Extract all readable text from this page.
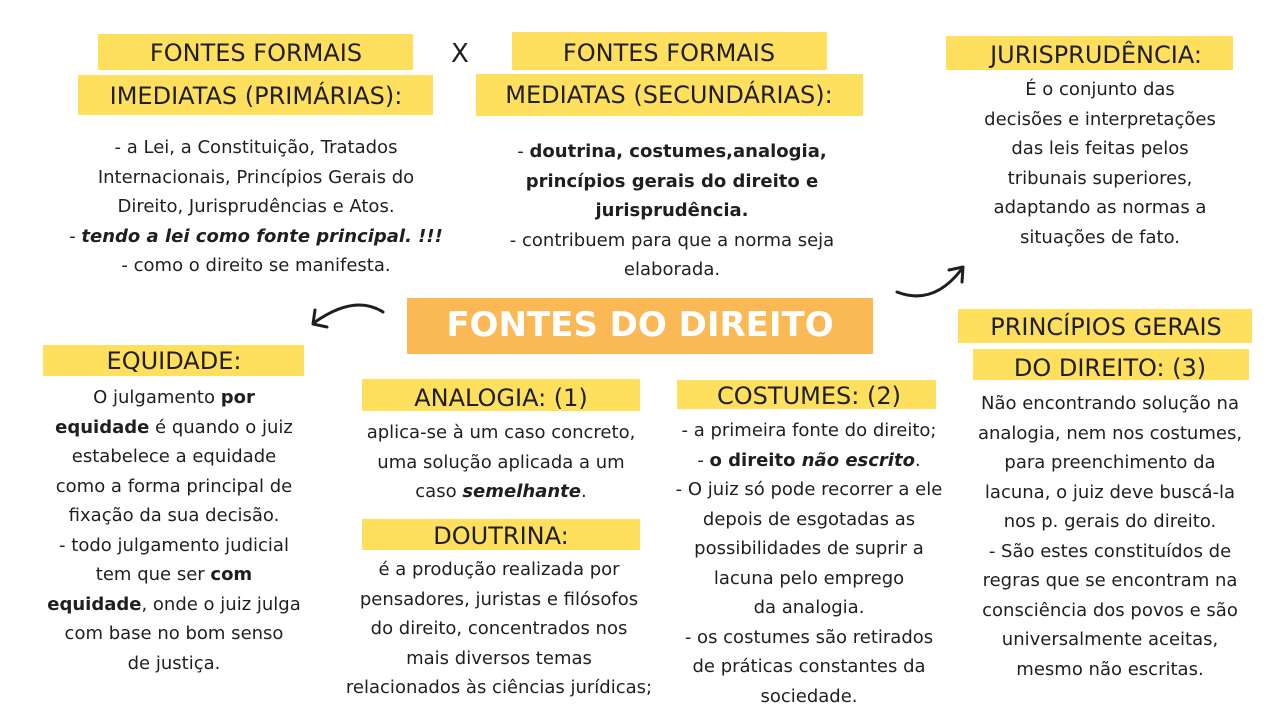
FONTES FORMAIS
IMEDIATAS (PRIMÁRIAS):
X
- a Lei, a Constituição, Tratados
Internacionais, Princípios Gerais do
Direito, Jurisprudências e Atos.
- tendo a lei como fonte principal. !!!
- como o direito se manifesta.
FONTES FORMAIS
MEDIATAS (SECUNDÁRIAS):
- doutrina, costumes,analogia,
princípios gerais do direito e
jurisprudência.
- contribuem para que a norma seja
elaborada.
JURISPRUDÊNCIA:
É o conjunto das
decisões e interpretações
das leis feitas pelos
tribunais superiores,
adaptando as normas a
situações de fato.
FONTES DO DIREITO
EQUIDADE:
O julgamento por
equidade é quando o juiz
estabelece a equidade
como a forma principal de
fixação da sua decisão.
- todo julgamento judicial
tem que ser com
equidade, onde o juiz julga
com base no bom senso
de justiça.
ANALOGIA: (1)
aplica-se à um caso concreto,
uma solução aplicada a um
caso semelhante.
DOUTRINA:
é a produção realizada por
pensadores, juristas e filósofos
do direito, concentrados nos
mais diversos temas
relacionados às ciências jurídicas;
COSTUMES: (2)
- a primeira fonte do direito;
- o direito não escrito.
- O juiz só pode recorrer a ele
depois de esgotadas as
possibilidades de suprir a
lacuna pelo emprego
da analogia.
- os costumes são retirados
de práticas constantes da
sociedade.
PRINCÍPIOS GERAIS
DO DIREITO: (3)
Não encontrando solução na
analogia, nem nos costumes,
para preenchimento da
lacuna, o juiz deve buscá-la
nos p. gerais do direito.
- São estes constituídos de
regras que se encontram na
consciência dos povos e são
universalmente aceitas,
mesmo não escritas.
